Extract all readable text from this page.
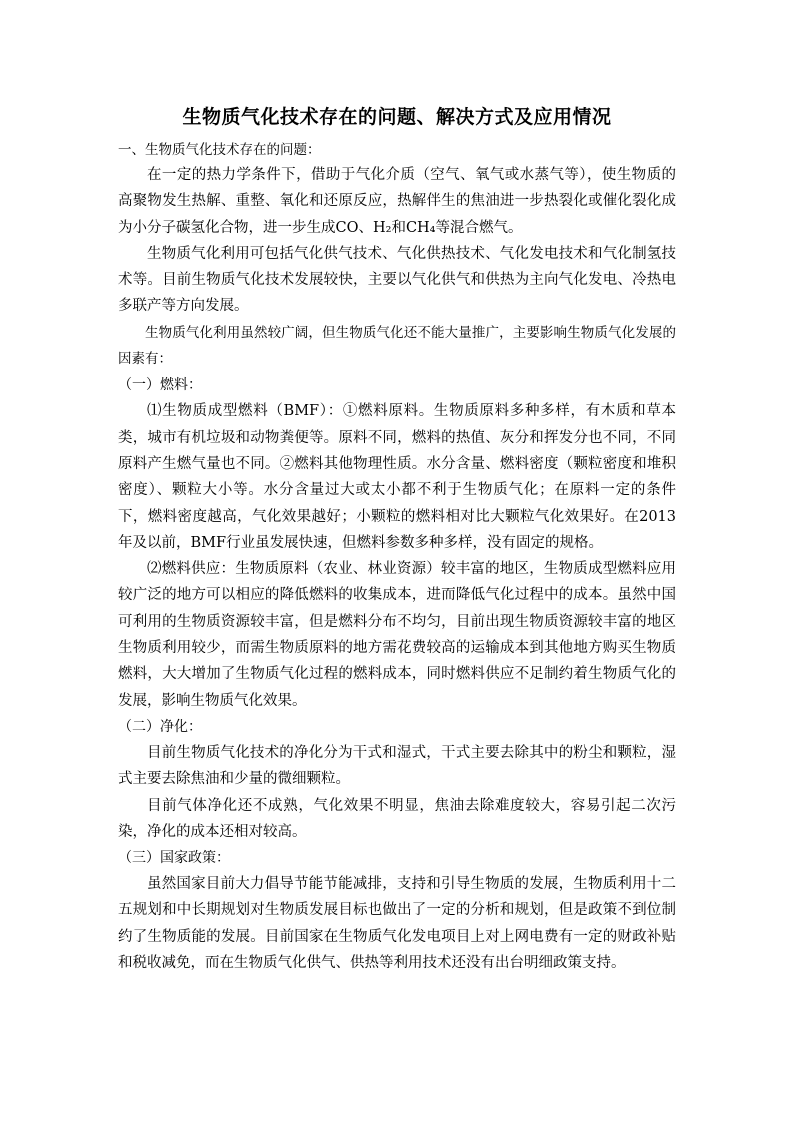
生物质气化技术存在的问题、解决方式及应用情况

一、生物质气化技术存在的问题：

在一定的热力学条件下，借助于气化介质（空气、氧气或水蒸气等），使生物质的高聚物发生热解、重整、氧化和还原反应，热解伴生的焦油进一步热裂化或催化裂化成为小分子碳氢化合物，进一步生成CO、H₂和CH₄等混合燃气。

生物质气化利用可包括气化供气技术、气化供热技术、气化发电技术和气化制氢技术等。目前生物质气化技术发展较快，主要以气化供气和供热为主向气化发电、冷热电多联产等方向发展。

生物质气化利用虽然较广阔，但生物质气化还不能大量推广，主要影响生物质气化发展的因素有：

（一）燃料：

⑴生物质成型燃料（BMF）：①燃料原料。生物质原料多种多样，有木质和草本类，城市有机垃圾和动物粪便等。原料不同，燃料的热值、灰分和挥发分也不同，不同原料产生燃气量也不同。②燃料其他物理性质。水分含量、燃料密度（颗粒密度和堆积密度）、颗粒大小等。水分含量过大或太小都不利于生物质气化；在原料一定的条件下，燃料密度越高，气化效果越好；小颗粒的燃料相对比大颗粒气化效果好。在2013年及以前，BMF行业虽发展快速，但燃料参数多种多样，没有固定的规格。

⑵燃料供应：生物质原料（农业、林业资源）较丰富的地区，生物质成型燃料应用较广泛的地方可以相应的降低燃料的收集成本，进而降低气化过程中的成本。虽然中国可利用的生物质资源较丰富，但是燃料分布不均匀，目前出现生物质资源较丰富的地区生物质利用较少，而需生物质原料的地方需花费较高的运输成本到其他地方购买生物质燃料，大大增加了生物质气化过程的燃料成本，同时燃料供应不足制约着生物质气化的发展，影响生物质气化效果。

（二）净化：

目前生物质气化技术的净化分为干式和湿式，干式主要去除其中的粉尘和颗粒，湿式主要去除焦油和少量的微细颗粒。

目前气体净化还不成熟，气化效果不明显，焦油去除难度较大，容易引起二次污染，净化的成本还相对较高。

（三）国家政策：

虽然国家目前大力倡导节能节能减排，支持和引导生物质的发展，生物质利用十二五规划和中长期规划对生物质发展目标也做出了一定的分析和规划，但是政策不到位制约了生物质能的发展。目前国家在生物质气化发电项目上对上网电费有一定的财政补贴和税收减免，而在生物质气化供气、供热等利用技术还没有出台明细政策支持。
